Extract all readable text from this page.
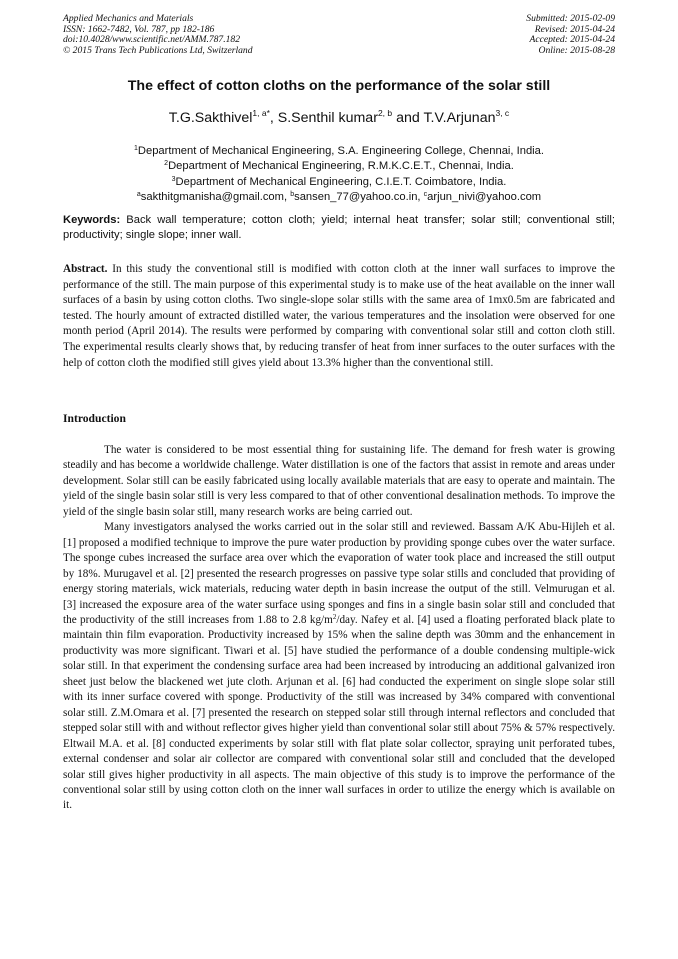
Applied Mechanics and Materials
ISSN: 1662-7482, Vol. 787, pp 182-186
doi:10.4028/www.scientific.net/AMM.787.182
© 2015 Trans Tech Publications Ltd, Switzerland
Submitted: 2015-02-09
Revised: 2015-04-24
Accepted: 2015-04-24
Online: 2015-08-28
The effect of cotton cloths on the performance of the solar still
T.G.Sakthivel$^{1, a*}$, S.Senthil kumar$^{2, b}$ and T.V.Arjunan$^{3, c}$
$^1$Department of Mechanical Engineering, S.A. Engineering College, Chennai, India.
$^2$Department of Mechanical Engineering, R.M.K.C.E.T., Chennai, India.
$^3$Department of Mechanical Engineering, C.I.E.T. Coimbatore, India.
$^a$sakthitgmanisha@gmail.com, $^b$sansen_77@yahoo.co.in, $^c$arjun_nivi@yahoo.com
Keywords: Back wall temperature; cotton cloth; yield; internal heat transfer; solar still; conventional still; productivity; single slope; inner wall.
Abstract. In this study the conventional still is modified with cotton cloth at the inner wall surfaces to improve the performance of the still. The main purpose of this experimental study is to make use of the heat available on the inner wall surfaces of a basin by using cotton cloths. Two single-slope solar stills with the same area of 1mx0.5m are fabricated and tested. The hourly amount of extracted distilled water, the various temperatures and the insolation were observed for one month period (April 2014). The results were performed by comparing with conventional solar still and cotton cloth still. The experimental results clearly shows that, by reducing transfer of heat from inner surfaces to the outer surfaces with the help of cotton cloth the modified still gives yield about 13.3% higher than the conventional still.
Introduction

The water is considered to be most essential thing for sustaining life. The demand for fresh water is growing steadily and has become a worldwide challenge. Water distillation is one of the factors that assist in remote and areas under development. Solar still can be easily fabricated using locally available materials that are easy to operate and maintain. The yield of the single basin solar still is very less compared to that of other conventional desalination methods. To improve the yield of the single basin solar still, many research works are being carried out.

Many investigators analysed the works carried out in the solar still and reviewed. Bassam A/K Abu-Hijleh et al. [1] proposed a modified technique to improve the pure water production by providing sponge cubes over the water surface. The sponge cubes increased the surface area over which the evaporation of water took place and increased the still output by 18%. Murugavel et al. [2] presented the research progresses on passive type solar stills and concluded that providing of energy storing materials, wick materials, reducing water depth in basin increase the output of the still. Velmurugan et al. [3] increased the exposure area of the water surface using sponges and fins in a single basin solar still and concluded that the productivity of the still increases from 1.88 to 2.8 $kg/m^2$/day. Nafey et al. [4] used a floating perforated black plate to maintain thin film evaporation. Productivity increased by 15% when the saline depth was 30mm and the enhancement in productivity was more significant. Tiwari et al. [5] have studied the performance of a double condensing multiple-wick solar still. In that experiment the condensing surface area had been increased by introducing an additional galvanized iron sheet just below the blackened wet jute cloth. Arjunan et al. [6] had conducted the experiment on single slope solar still with its inner surface covered with sponge. Productivity of the still was increased by 34% compared with conventional solar still. Z.M.Omara et al. [7] presented the research on stepped solar still through internal reflectors and concluded that stepped solar still with and without reflector gives higher yield than conventional solar still about 75% & 57% respectively. Eltwail M.A. et al. [8] conducted experiments by solar still with flat plate solar collector, spraying unit perforated tubes, external condenser and solar air collector are compared with conventional solar still and concluded that the developed solar still gives higher productivity in all aspects. The main objective of this study is to improve the performance of the conventional solar still by using cotton cloth on the inner wall surfaces in order to utilize the energy which is available on it.
